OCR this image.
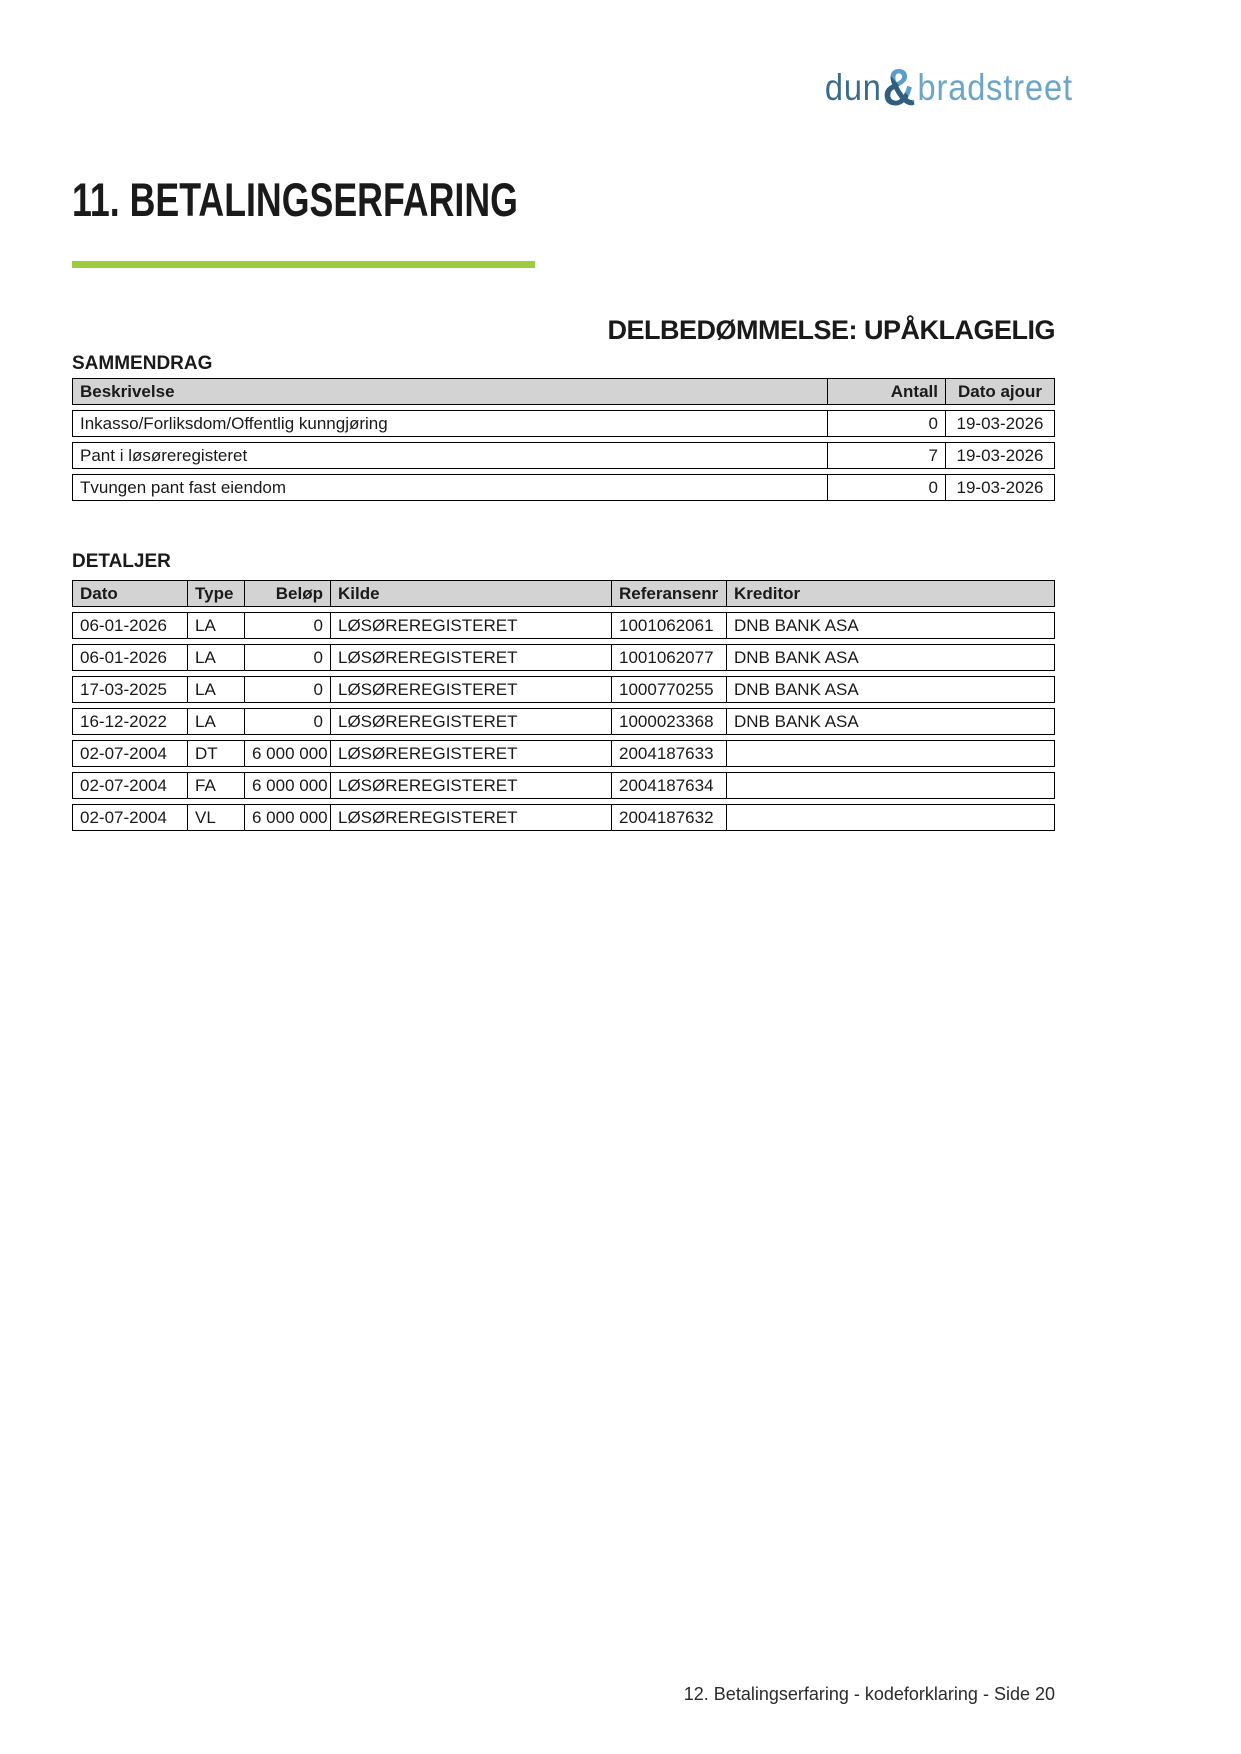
dun&bradstreet
11. BETALINGSERFARING
DELBEDØMMELSE: UPÅKLAGELIG
SAMMENDRAG
Beskrivelse	Antall	Dato ajour
Inkasso/Forliksdom/Offentlig kunngjøring	0	19-03-2026
Pant i løsøreregisteret	7	19-03-2026
Tvungen pant fast eiendom	0	19-03-2026
DETALJER
Dato	Type	Beløp	Kilde	Referansenr	Kreditor
06-01-2026	LA	0	LØSØREREGISTERET	1001062061	DNB BANK ASA
06-01-2026	LA	0	LØSØREREGISTERET	1001062077	DNB BANK ASA
17-03-2025	LA	0	LØSØREREGISTERET	1000770255	DNB BANK ASA
16-12-2022	LA	0	LØSØREREGISTERET	1000023368	DNB BANK ASA
02-07-2004	DT	6 000 000	LØSØREREGISTERET	2004187633	
02-07-2004	FA	6 000 000	LØSØREREGISTERET	2004187634	
02-07-2004	VL	6 000 000	LØSØREREGISTERET	2004187632	
12. Betalingserfaring - kodeforklaring - Side 20
